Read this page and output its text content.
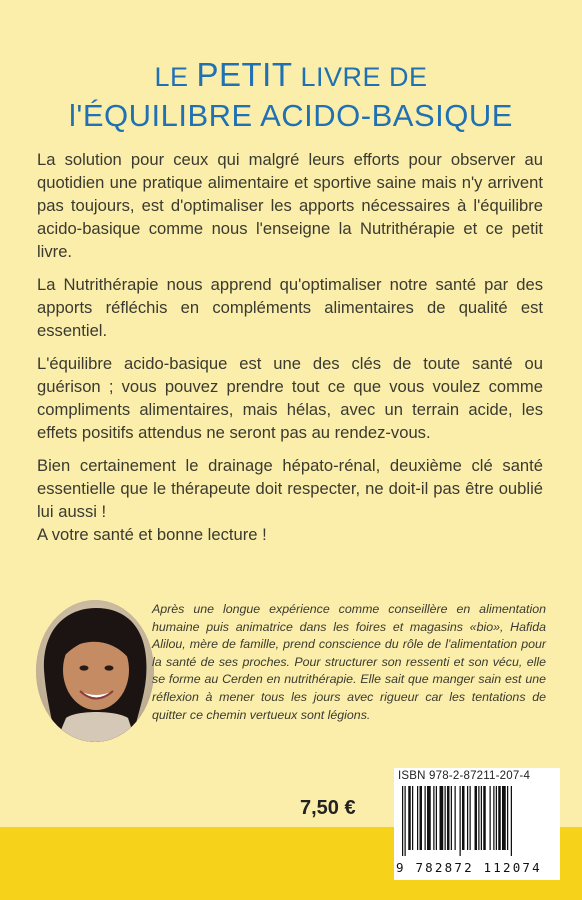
LE PETIT LIVRE DE
l'ÉQUILIBRE ACIDO-BASIQUE

La solution pour ceux qui malgré leurs efforts pour observer au quotidien une pratique alimentaire et sportive saine mais n'y arrivent pas toujours, est d'optimaliser les apports nécessaires à l'équilibre acido-basique comme nous l'enseigne la Nutrithérapie et ce petit livre.

La Nutrithérapie nous apprend qu'optimaliser notre santé par des apports réfléchis en compléments alimentaires de qualité est essentiel.

L'équilibre acido-basique est une des clés de toute santé ou guérison ; vous pouvez prendre tout ce que vous voulez comme compliments alimentaires, mais hélas, avec un terrain acide, les effets positifs attendus ne seront pas au rendez-vous.

Bien certainement le drainage hépato-rénal, deuxième clé santé essentielle que le thérapeute doit respecter, ne doit-il pas être oublié lui aussi !

A votre santé et bonne lecture !

Après une longue expérience comme conseillère en alimentation humaine puis animatrice dans les foires et magasins «bio», Hafida Alilou, mère de famille, prend conscience du rôle de l'alimentation pour la santé de ses proches. Pour structurer son ressenti et son vécu, elle se forme au Cerden en nutrithérapie. Elle sait que manger sain est une réflexion à mener tous les jours avec rigueur car les tentations de quitter ce chemin vertueux sont légions.
7,50 €
ISBN 978-2-87211-207-4
9 782872 112074
